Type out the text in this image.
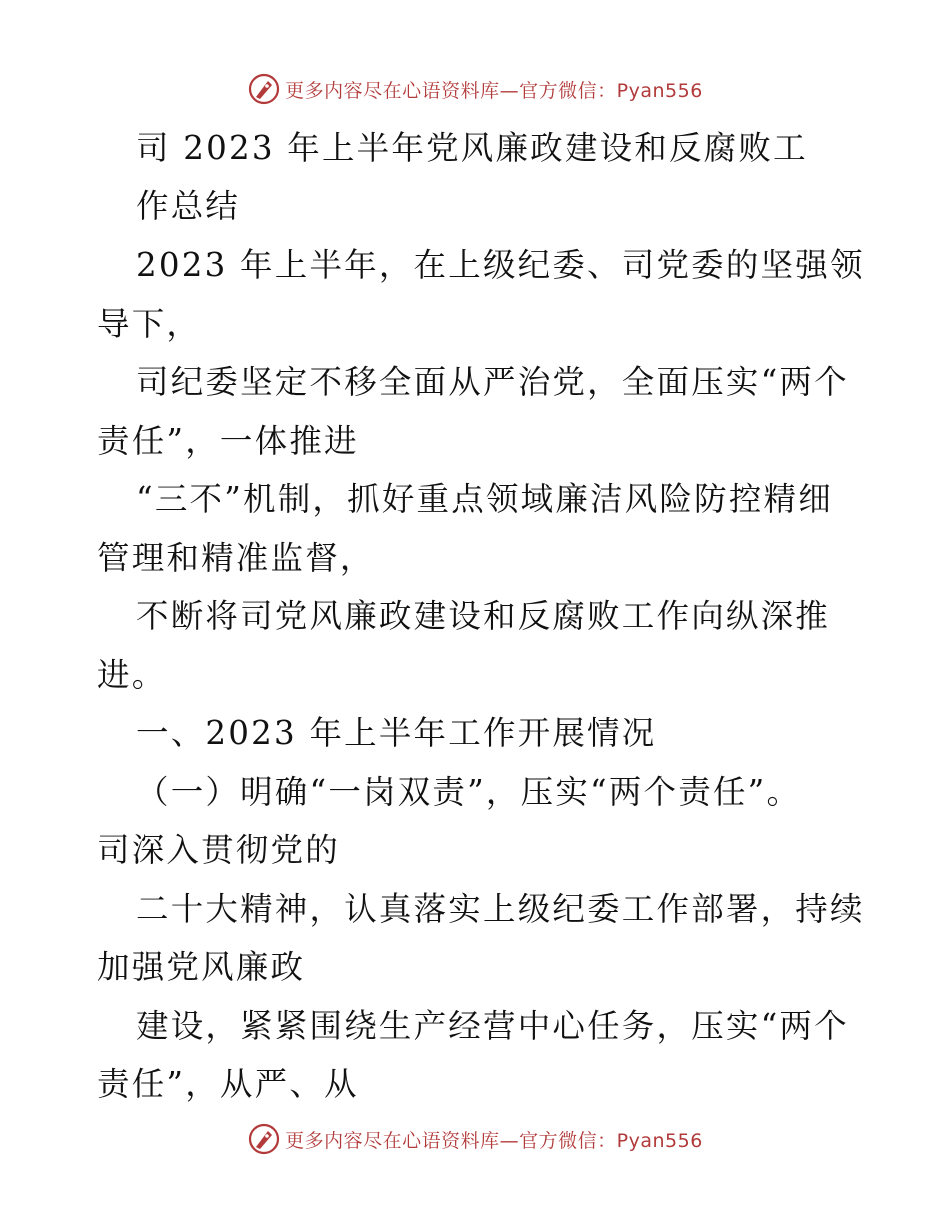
更多内容尽在心语资料库—官方微信：Pyan556
司 2023 年上半年党风廉政建设和反腐败工
作总结
2023 年上半年，在上级纪委、司党委的坚强领
导下，
司纪委坚定不移全面从严治党，全面压实“两个
责任”，一体推进
“三不”机制，抓好重点领域廉洁风险防控精细
管理和精准监督，
不断将司党风廉政建设和反腐败工作向纵深推
进。
一、2023 年上半年工作开展情况
（一）明确“一岗双责”，压实“两个责任”。
司深入贯彻党的
二十大精神，认真落实上级纪委工作部署，持续
加强党风廉政
建设，紧紧围绕生产经营中心任务，压实“两个
责任”，从严、从
更多内容尽在心语资料库—官方微信：Pyan556
